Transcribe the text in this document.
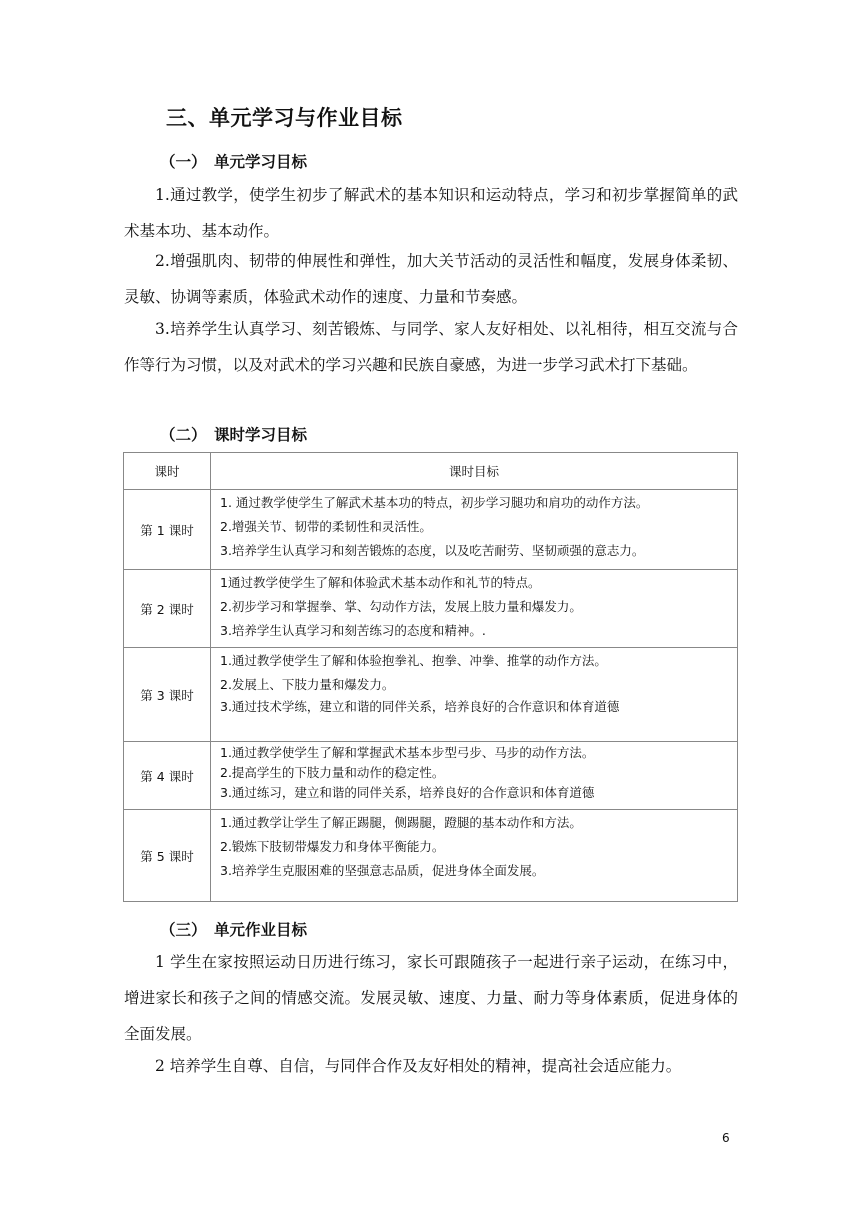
三、单元学习与作业目标
（一） 单元学习目标

1.通过教学，使学生初步了解武术的基本知识和运动特点，学习和初步掌握简单的武术基本功、基本动作。

2.增强肌肉、韧带的伸展性和弹性，加大关节活动的灵活性和幅度，发展身体柔韧、灵敏、协调等素质，体验武术动作的速度、力量和节奏感。

3.培养学生认真学习、刻苦锻炼、与同学、家人友好相处、以礼相待，相互交流与合作等行为习惯，以及对武术的学习兴趣和民族自豪感，为进一步学习武术打下基础。

（二） 课时学习目标
课时	课时目标
第 1 课时	1. 通过教学使学生了解武术基本功的特点，初步学习腿功和肩功的动作方法。
2.增强关节、韧带的柔韧性和灵活性。
3.培养学生认真学习和刻苦锻炼的态度，以及吃苦耐劳、坚韧顽强的意志力。

第 2 课时	1通过教学使学生了解和体验武术基本动作和礼节的特点。
2.初步学习和掌握拳、掌、勾动作方法，发展上肢力量和爆发力。
3.培养学生认真学习和刻苦练习的态度和精神。.

第 3 课时	1.通过教学使学生了解和体验抱拳礼、抱拳、冲拳、推掌的动作方法。
2.发展上、下肢力量和爆发力。
3.通过技术学练，建立和谐的同伴关系，培养良好的合作意识和体育道德

第 4 课时	1.通过教学使学生了解和掌握武术基本步型弓步、马步的动作方法。
2.提高学生的下肢力量和动作的稳定性。
3.通过练习，建立和谐的同伴关系，培养良好的合作意识和体育道德

第 5 课时	1.通过教学让学生了解正踢腿，侧踢腿，蹬腿的基本动作和方法。
2.锻炼下肢韧带爆发力和身体平衡能力。
3.培养学生克服困难的坚强意志品质，促进身体全面发展。
（三） 单元作业目标

1 学生在家按照运动日历进行练习，家长可跟随孩子一起进行亲子运动，在练习中，增进家长和孩子之间的情感交流。发展灵敏、速度、力量、耐力等身体素质，促进身体的全面发展。

2 培养学生自尊、自信，与同伴合作及友好相处的精神，提高社会适应能力。

6
